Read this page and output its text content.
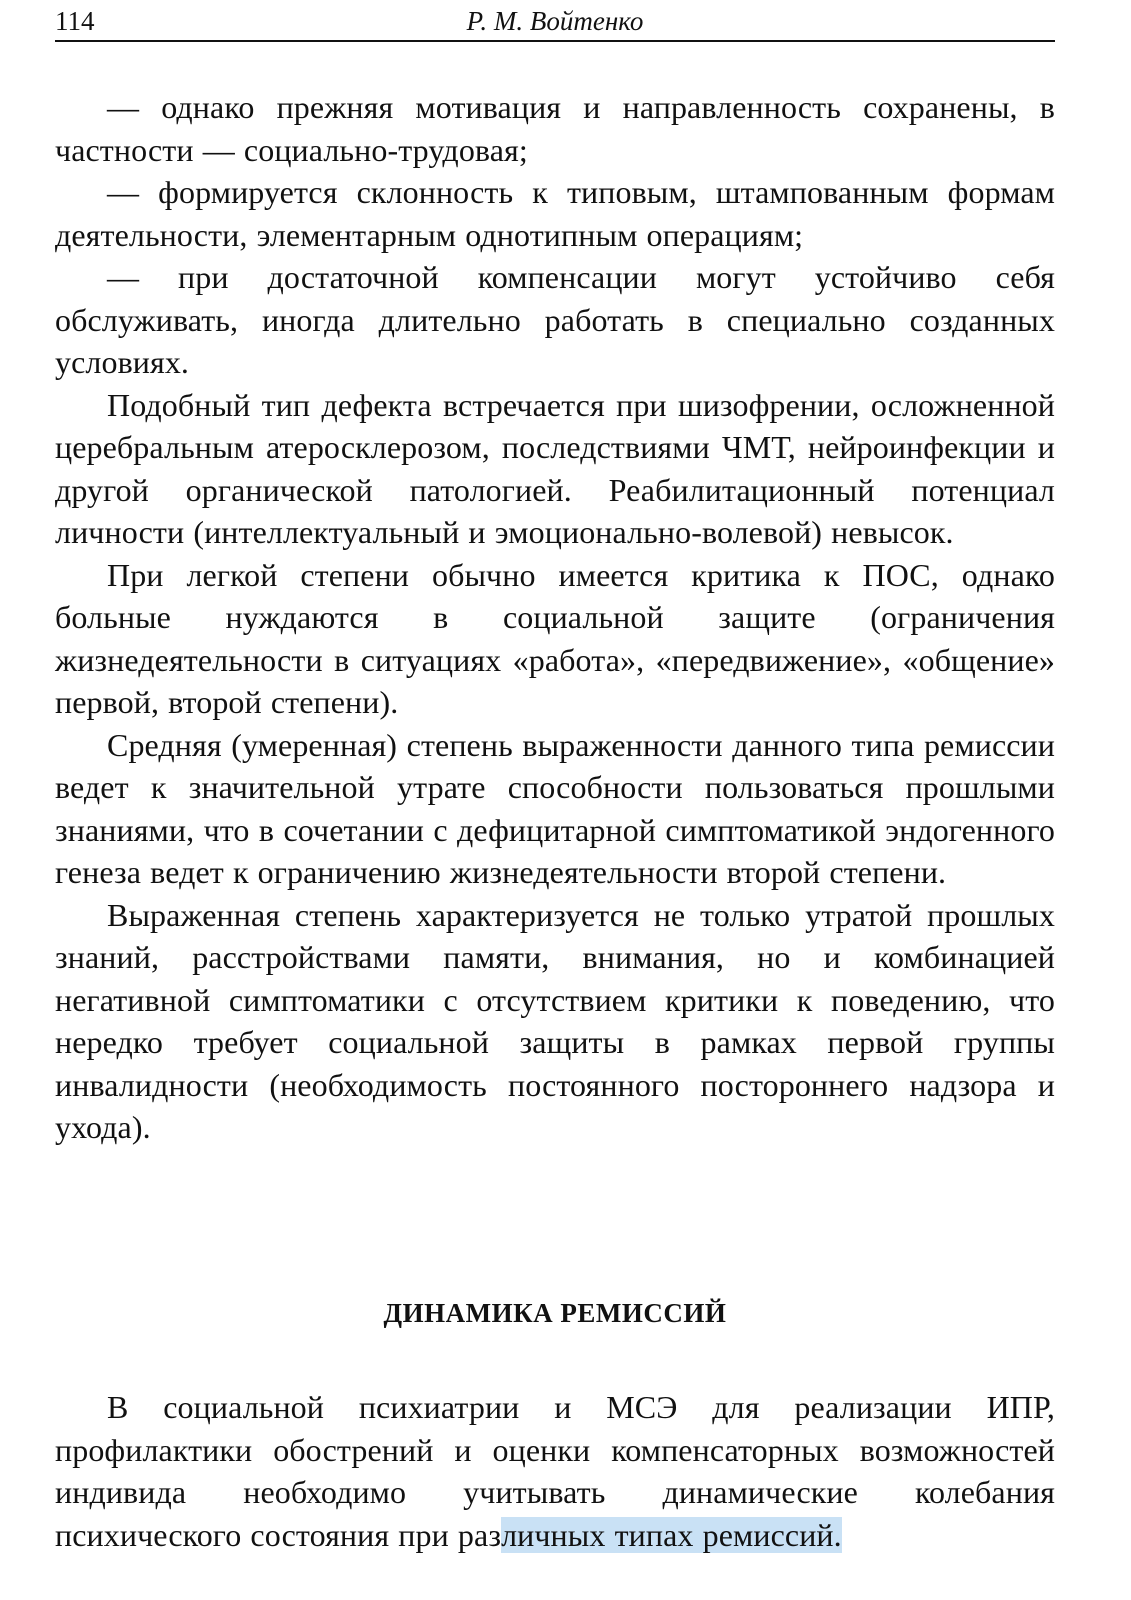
114	Р. М. Войтенко

— однако прежняя мотивация и направленность сохранены, в частности — социально-трудовая;

— формируется склонность к типовым, штампованным формам деятельности, элементарным однотипным операциям;

— при достаточной компенсации могут устойчиво себя обслуживать, иногда длительно работать в специально созданных условиях.

Подобный тип дефекта встречается при шизофрении, осложненной церебральным атеросклерозом, последствиями ЧМТ, нейроинфекции и другой органической патологией. Реабилитационный потенциал личности (интеллектуальный и эмоционально-волевой) невысок.

При легкой степени обычно имеется критика к ПОС, однако больные нуждаются в социальной защите (ограничения жизнедеятельности в ситуациях «работа», «передвижение», «общение» первой, второй степени).

Средняя (умеренная) степень выраженности данного типа ремиссии ведет к значительной утрате способности пользоваться прошлыми знаниями, что в сочетании с дефицитарной симптоматикой эндогенного генеза ведет к ограничению жизнедеятельности второй степени.

Выраженная степень характеризуется не только утратой прошлых знаний, расстройствами памяти, внимания, но и комбинацией негативной симптоматики с отсутствием критики к поведению, что нередко требует социальной защиты в рамках первой группы инвалидности (необходимость постоянного постороннего надзора и ухода).

ДИНАМИКА РЕМИССИЙ

В социальной психиатрии и МСЭ для реализации ИПР, профилактики обострений и оценки компенсаторных возможностей индивида необходимо учитывать динамические колебания психического состояния при различных типах ремиссий.
